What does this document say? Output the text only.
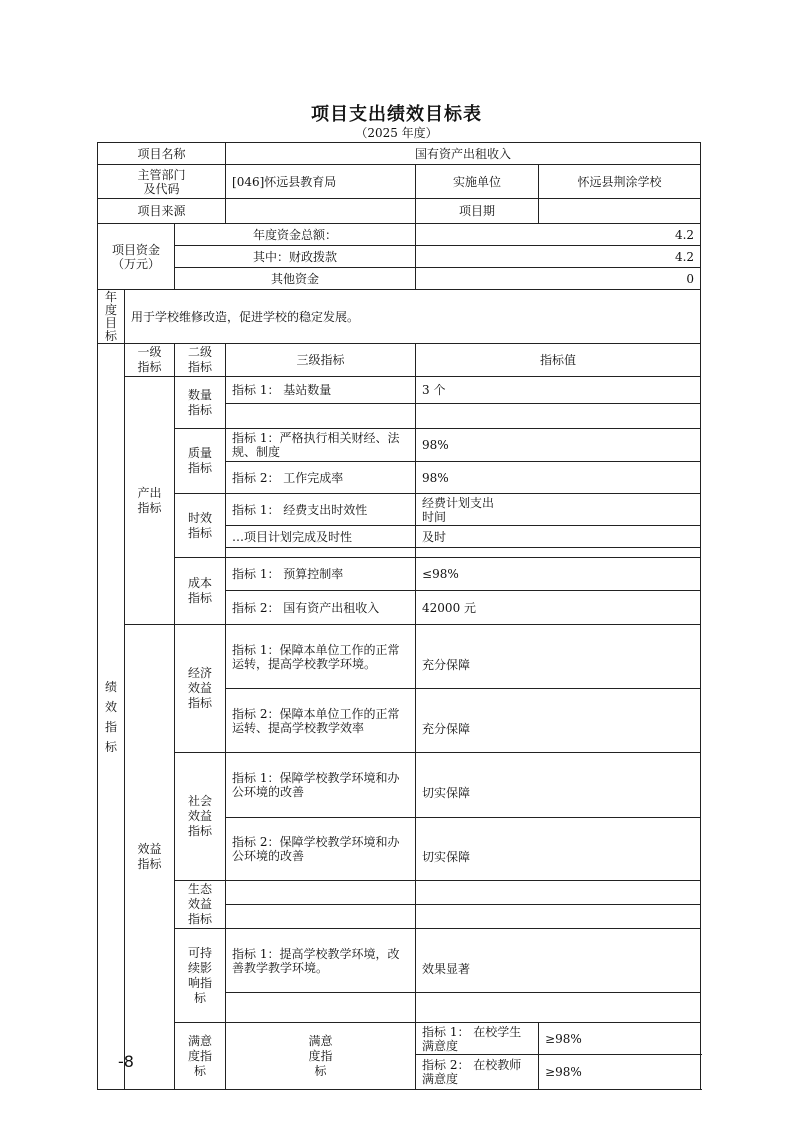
项目支出绩效目标表
（2025 年度）
项目名称			国有资产出租收入		

主管部门
及代码			[046]怀远县教育局	实施单位	怀远县荆涂学校
项目来源				项目期	

项目资金
（万元）		年度资金总额：		4.2	
		其中：财政拨款		4.2	
		其他资金		0	
年度目标	用于学校维修改造，促进学校的稳定发展。				
绩效指标	一级指标	二级指标	三级指标	指标值	
	产出指标	数量指标	指标 1： 基站数量	3 个	

		质量指标	指标 1：严格执行相关财经、法规、制度	98%	
			指标 2： 工作完成率	98%	
		时效指标	指标 1： 经费支出时效性	经费计划支出时间	
			…项目计划完成及时性	及时	

		成本指标	指标 1： 预算控制率	≤98%	
			指标 2： 国有资产出租收入	42000 元	
	效益指标	经济效益指标	指标 1：保障本单位工作的正常运转，提高学校教学环境。	充分保障	
			指标 2：保障本单位工作的正常运转、提高学校教学效率	充分保障	
		社会效益指标	指标 1：保障学校教学环境和办公环境的改善	切实保障	
			指标 2：保障学校教学环境和办公环境的改善	切实保障	
		生态效益指标			

		可持续影响指标	指标 1：提高学校教学环境，改善教学教学环境。	效果显著	

		满意度指标	满意度指标	指标 1： 在校学生满意度	≥98%
				指标 2： 在校教师满意度	≥98%
-8
